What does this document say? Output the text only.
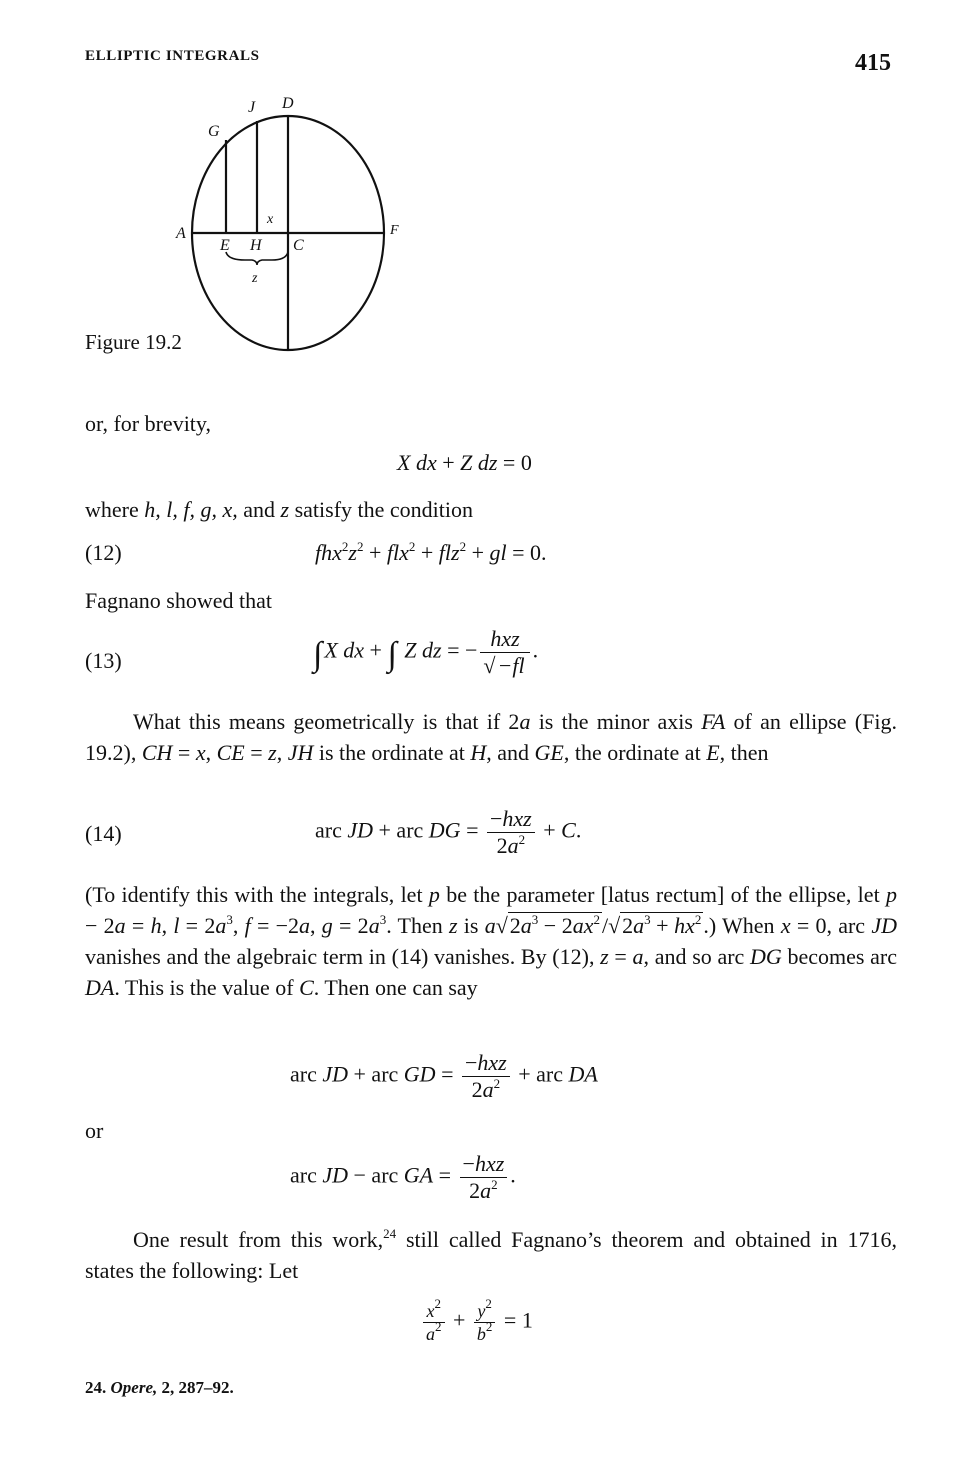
ELLIPTIC INTEGRALS	415
J D
G
x
A	F
E H C
z
Figure 19.2
or, for brevity,
X dx + Z dz = 0
where h, l, f, g, x, and z satisfy the condition
(12)	$fhx^2z^2 + flx^2 + flz^2$ + gl = 0.
Fagnano showed that
(13)	∫X dx + ∫ Z dz = − $\frac{\text{hxz}}{√-fl}$ .
What this means geometrically is that if 2a is the minor axis FA of an ellipse (Fig. 19.2), CH = x, CE = z, JH is the ordinate at H, and GE, the ordinate at E, then
(14)	arc JD + arc DG = $\frac{\text{−hxz}}{2a^2} + C$.
(To identify this with the integrals, let p be the parameter [latus rectum] of the ellipse, let p − 2a = h, $l = 2a^3$, f = −2a, $g = 2a^3$. Then z is $a√2a^3 - 2ax^2/√2a^3 + hx^2$.) When x = 0, arc JD vanishes and the algebraic term in (14) vanishes. By (12), z = a, and so arc DG becomes arc DA. This is the value of C. Then one can say
arc JD + arc GD = $\frac{\text{−hxz}}{2a^2}$ + arc DA
or
arc JD − arc GA = $\frac{\text{−hxz}}{2a^2}$ .
One result from this work,$^{24}$ still called Fagnano’s theorem and obtained in 1716, states the following: Let
$\frac{x^2}{a^2} + \frac{y^2}{b^2} = 1$
24. Opere, 2, 287–92.
